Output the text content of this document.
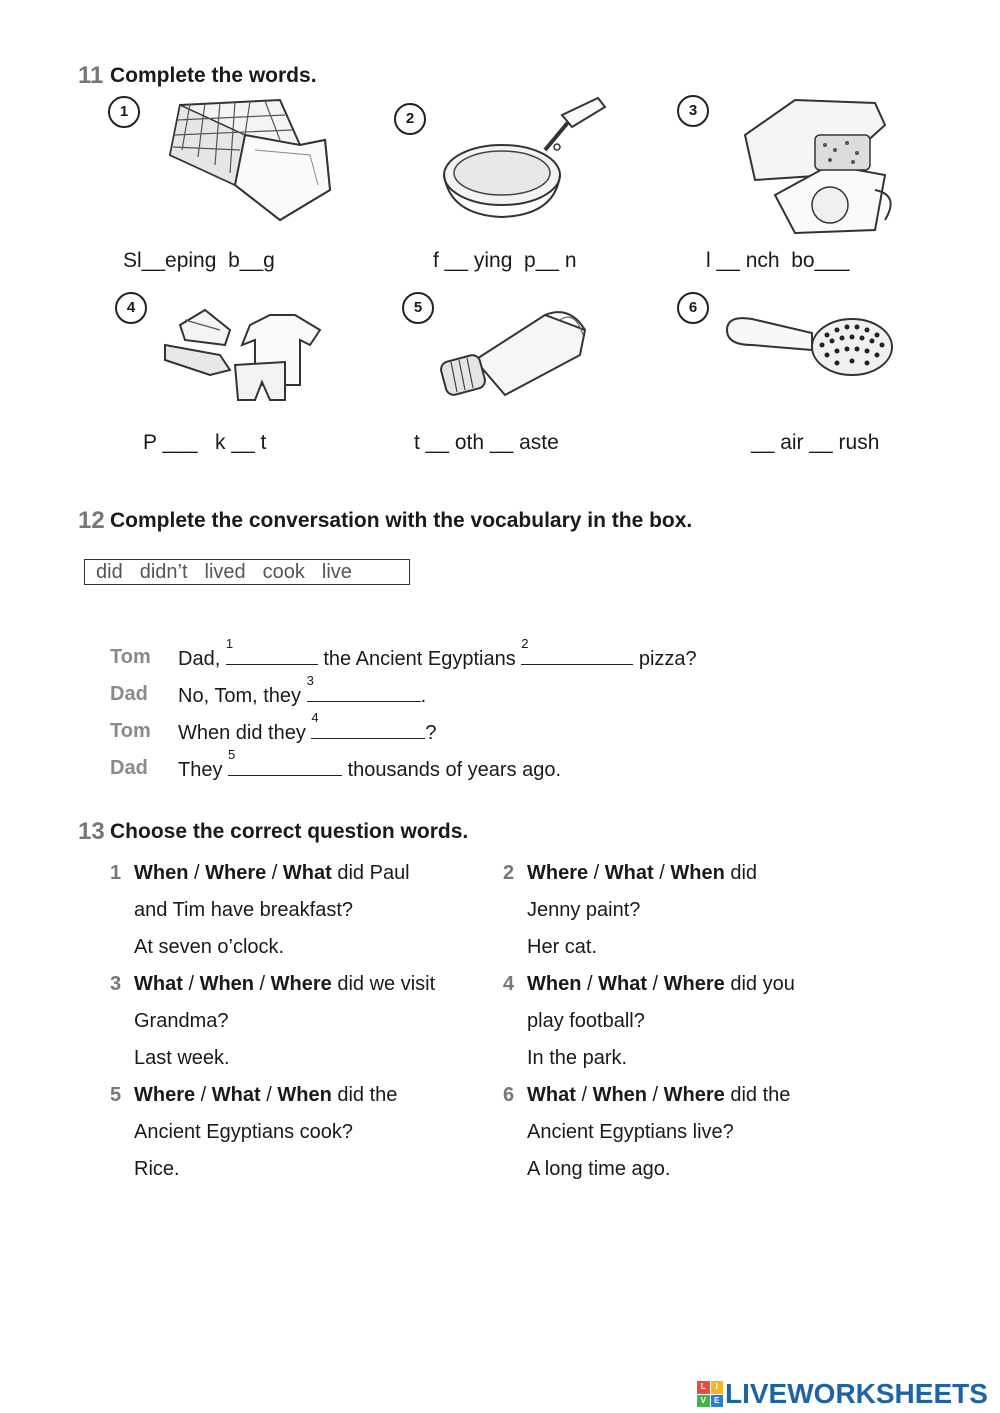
11 Complete the words.
1	2	3
4	5	6
Sl__eping  b__g	f __ ying  p__ n	l __ nch  bo___
P ___   k __ t	t __ oth __ aste	__ air __ rush
12 Complete the conversation with the vocabulary in the box.
did didn’t lived cook live
Tom Dad,
1
the Ancient Egyptians
2
pizza?
Dad No, Tom, they
3
.
Tom When did they
4
?
Dad They
5
thousands of years ago.
13 Choose the correct question words.
1 When / Where / What did Paul
and Tim have breakfast?
At seven o’clock.
2 Where / What / When did
Jenny paint?
Her cat.
3 What / When / Where did we visit
Grandma?
Last week.
4 When / What / Where did you
play football?
In the park.
5 Where / What / When did the
Ancient Egyptians cook?
Rice.
6 What / When / Where did the
Ancient Egyptians live?
A long time ago.
L	I
V	E LIVEWORKSHEETS
